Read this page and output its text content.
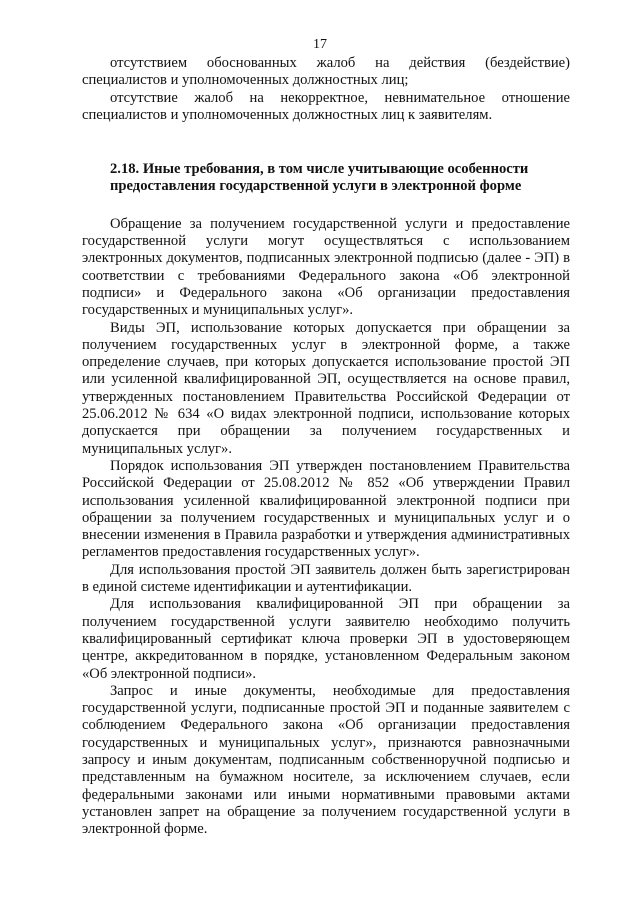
17

отсутствием обоснованных жалоб на действия (бездействие) специалистов и уполномоченных должностных лиц;

отсутствие жалоб на некорректное, невнимательное отношение специалистов и уполномоченных должностных лиц к заявителям.

2.18. Иные требования, в том числе учитывающие особенности
предоставления государственной услуги в электронной форме

Обращение за получением государственной услуги и предоставление государственной услуги могут осуществляться с использованием электронных документов, подписанных электронной подписью (далее - ЭП) в соответствии с требованиями Федерального закона «Об электронной подписи» и Федерального закона «Об организации предоставления государственных и муниципальных услуг».

Виды ЭП, использование которых допускается при обращении за получением государственных услуг в электронной форме, а также определение случаев, при которых допускается использование простой ЭП или усиленной квалифицированной ЭП, осуществляется на основе правил, утвержденных постановлением Правительства Российской Федерации от 25.06.2012 № 634 «О видах электронной подписи, использование которых допускается при обращении за получением государственных и муниципальных услуг».

Порядок использования ЭП утвержден постановлением Правительства Российской Федерации от 25.08.2012 № 852 «Об утверждении Правил использования усиленной квалифицированной электронной подписи при обращении за получением государственных и муниципальных услуг и о внесении изменения в Правила разработки и утверждения административных регламентов предоставления государственных услуг».

Для использования простой ЭП заявитель должен быть зарегистрирован в единой системе идентификации и аутентификации.

Для использования квалифицированной ЭП при обращении за получением государственной услуги заявителю необходимо получить квалифицированный сертификат ключа проверки ЭП в удостоверяющем центре, аккредитованном в порядке, установленном Федеральным законом «Об электронной подписи».

Запрос и иные документы, необходимые для предоставления государственной услуги, подписанные простой ЭП и поданные заявителем с соблюдением Федерального закона «Об организации предоставления государственных и муниципальных услуг», признаются равнозначными запросу и иным документам, подписанным собственноручной подписью и представленным на бумажном носителе, за исключением случаев, если федеральными законами или иными нормативными правовыми актами установлен запрет на обращение за получением государственной услуги в электронной форме.
